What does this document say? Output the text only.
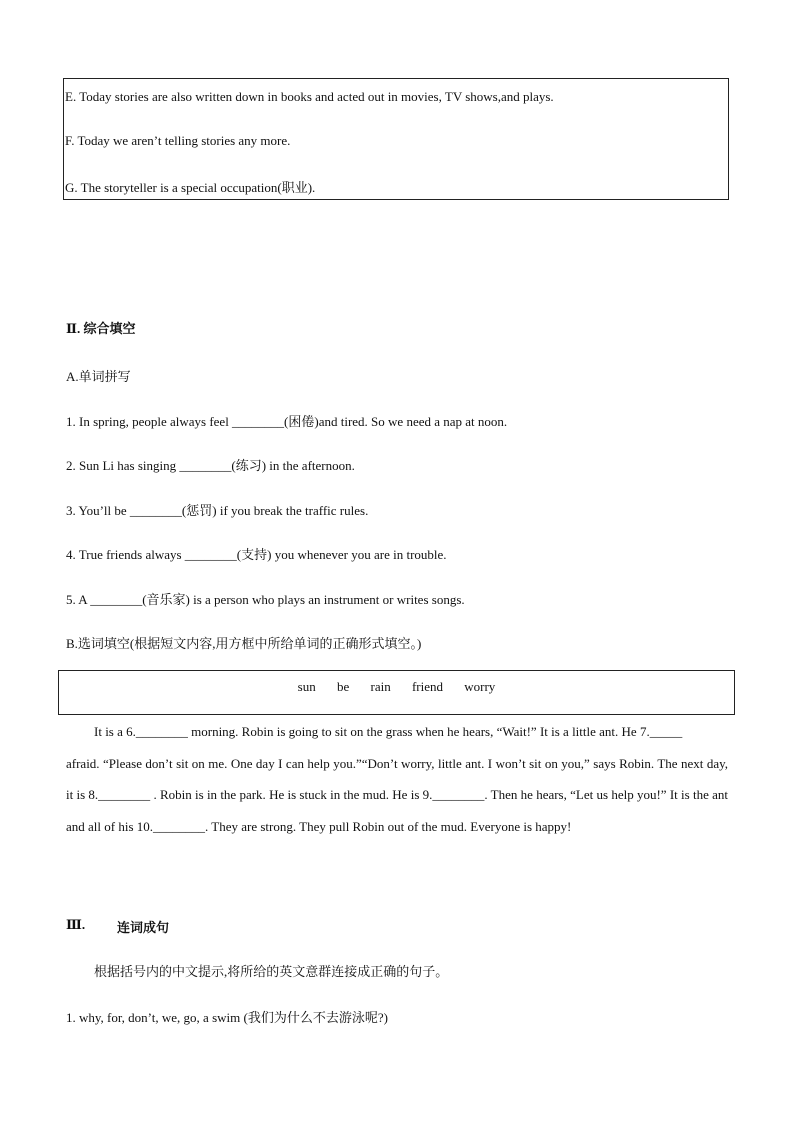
E. Today stories are also written down in books and acted out in movies, TV shows,and plays.
F. Today we aren’t telling stories any more.
G. The storyteller is a special occupation(职业).
Ⅱ. 综合填空
A.单词拼写
1. In spring, people always feel ________(困倦)and tired. So we need a nap at noon.
2. Sun Li has singing ________(练习) in the afternoon.
3. You’ll be ________(惩罚) if you break the traffic rules.
4. True friends always ________(支持) you whenever you are in trouble.
5. A ________(音乐家) is a person who plays an instrument or writes songs.
B.选词填空(根据短文内容,用方框中所给单词的正确形式填空。)
sun be rain friend worry

It is a 6.________ morning. Robin is going to sit on the grass when he hears, “Wait!” It is a little ant. He 7._____

afraid. “Please don’t sit on me. One day I can help you.”“Don’t worry, little ant. I won’t sit on you,” says Robin. The next day, it is 8.________ . Robin is in the park. He is stuck in the mud. He is 9.________. Then he hears, “Let us help you!” It is the ant and all of his 10.________. They are strong. They pull Robin out of the mud. Everyone is happy!

Ⅲ. 连词成句
根据括号内的中文提示,将所给的英文意群连接成正确的句子。
1. why, for, don’t, we, go, a swim (我们为什么不去游泳呢?)
